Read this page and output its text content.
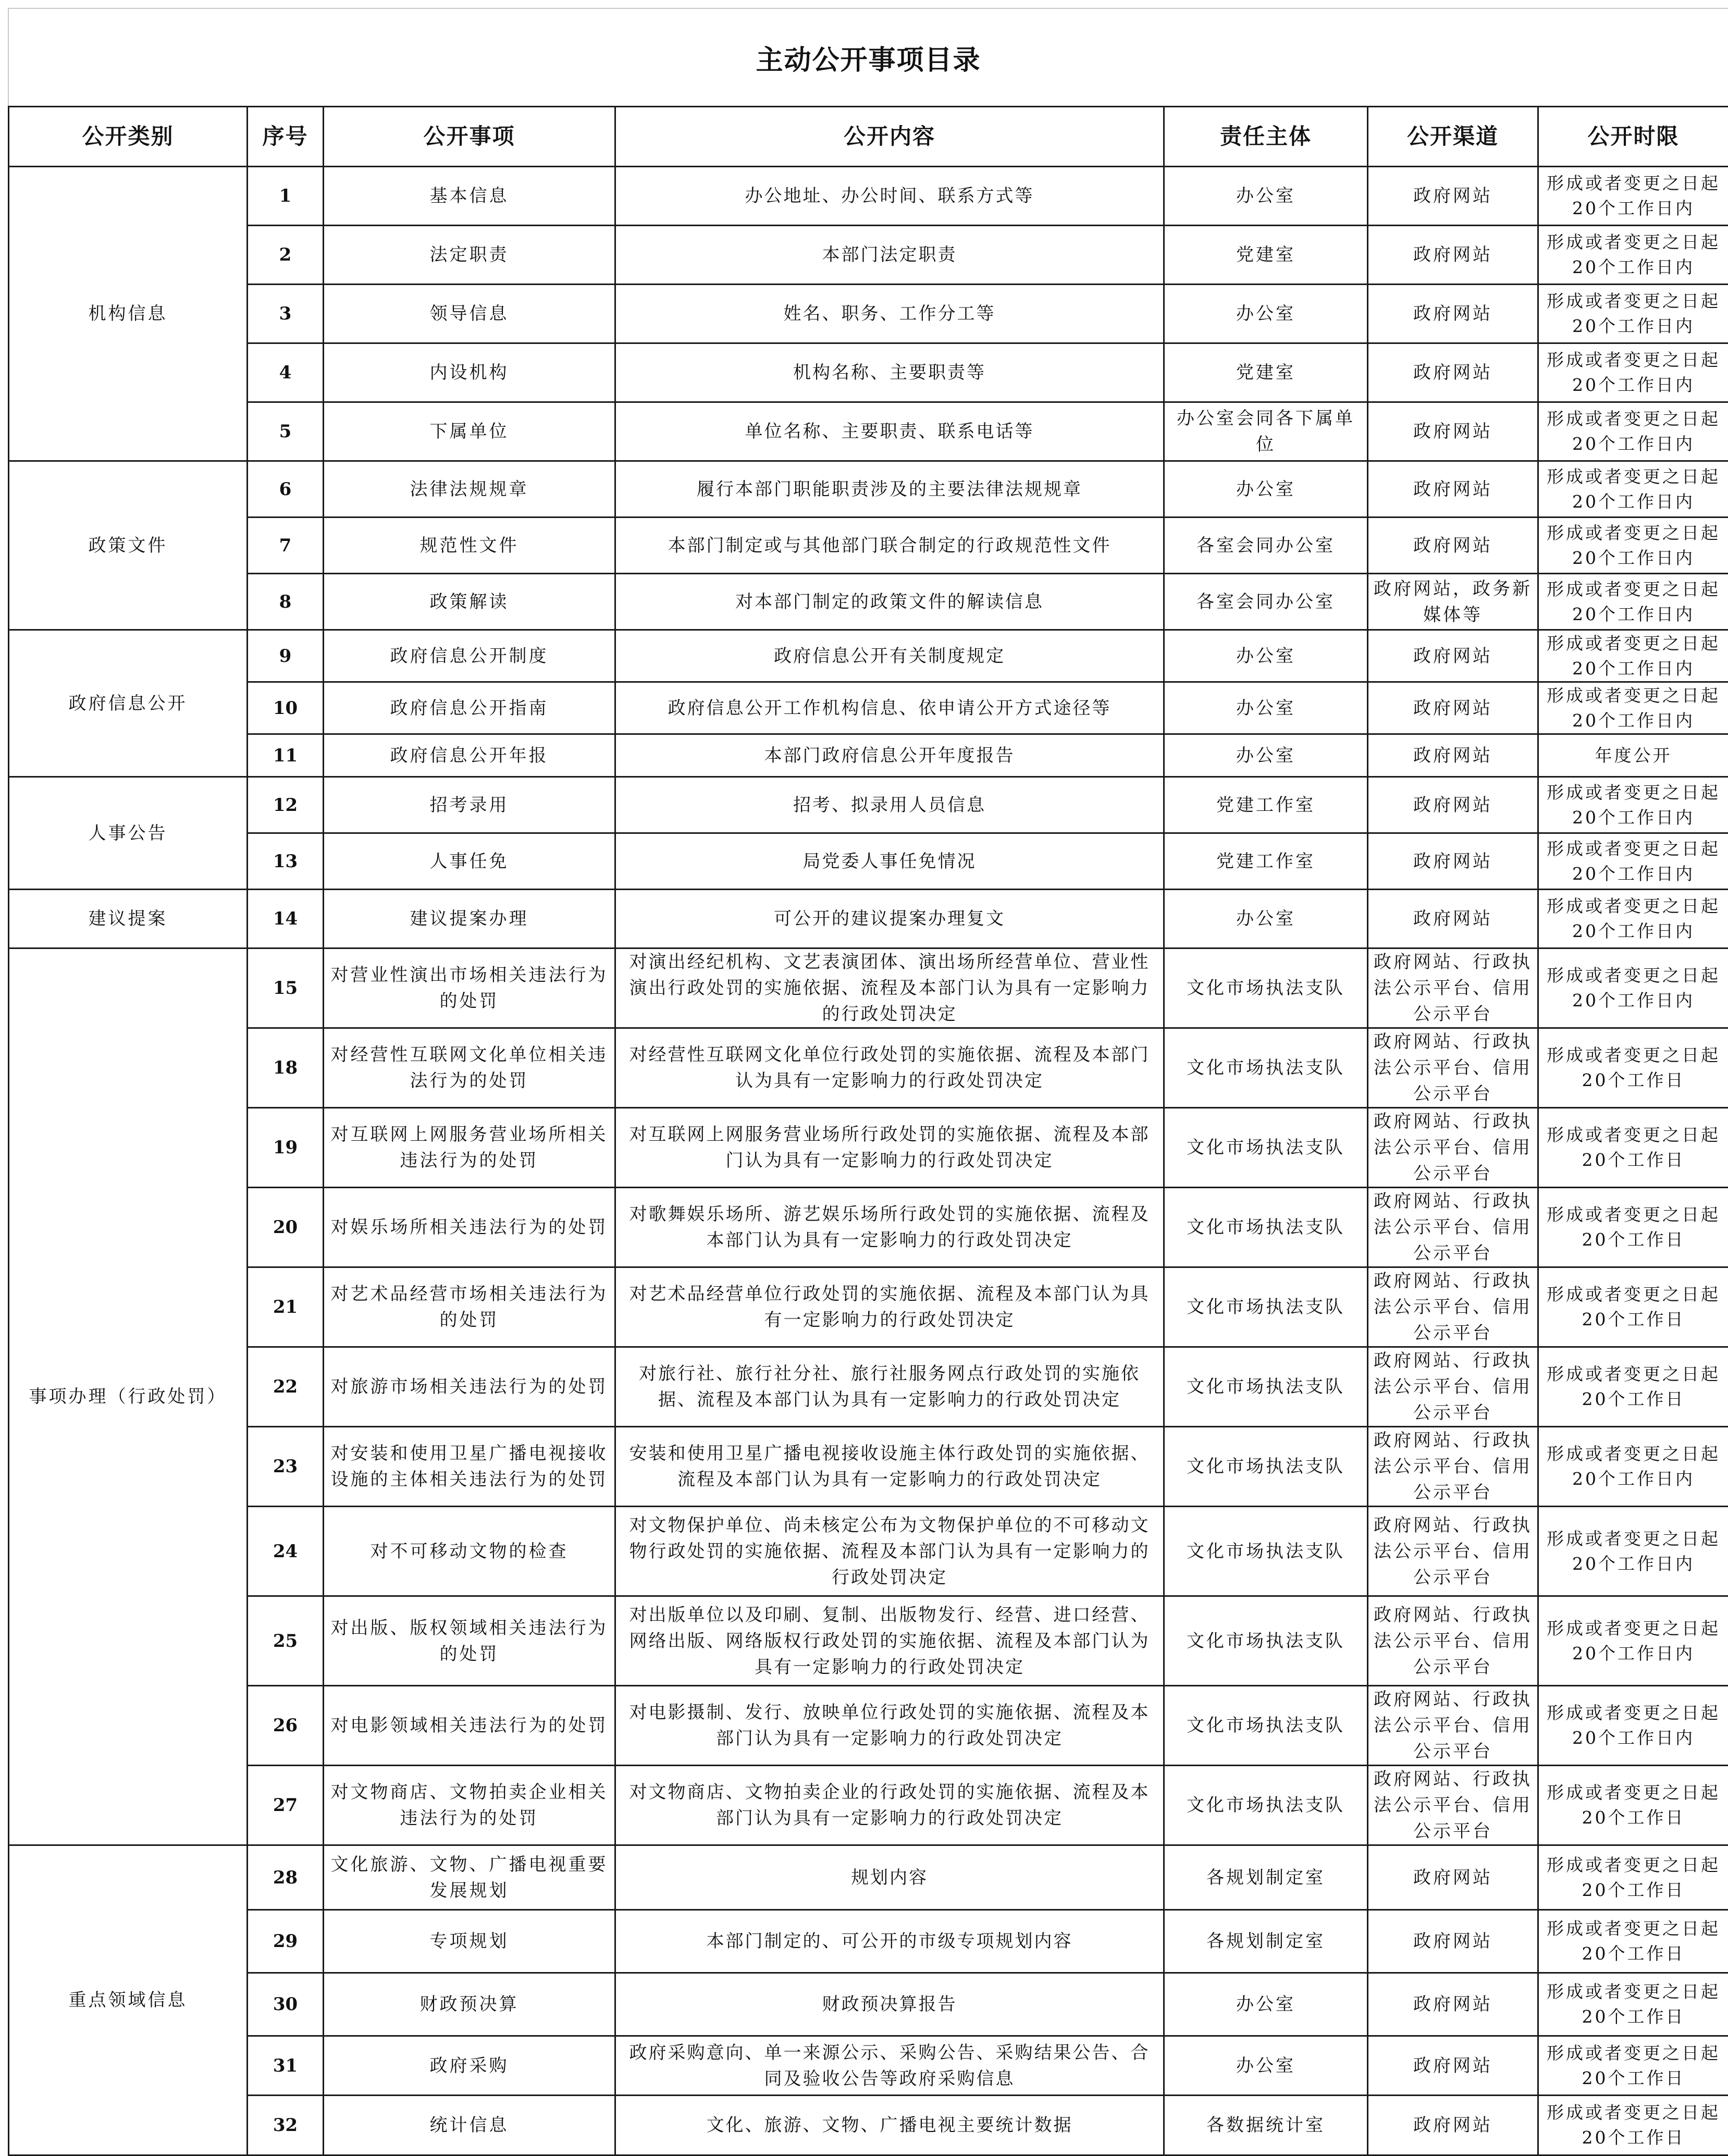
主动公开事项目录
公开类别	序号	公开事项	公开内容	责任主体	公开渠道	公开时限
机构信息	1	基本信息	办公地址、办公时间、联系方式等	办公室	政府网站	形成或者变更之日起20个工作日内
	2	法定职责	本部门法定职责	党建室	政府网站	形成或者变更之日起20个工作日内
	3	领导信息	姓名、职务、工作分工等	办公室	政府网站	形成或者变更之日起20个工作日内
	4	内设机构	机构名称、主要职责等	党建室	政府网站	形成或者变更之日起20个工作日内
	5	下属单位	单位名称、主要职责、联系电话等	办公室会同各下属单位	政府网站	形成或者变更之日起20个工作日内
政策文件	6	法律法规规章	履行本部门职能职责涉及的主要法律法规规章	办公室	政府网站	形成或者变更之日起20个工作日内
	7	规范性文件	本部门制定或与其他部门联合制定的行政规范性文件	各室会同办公室	政府网站	形成或者变更之日起20个工作日内
	8	政策解读	对本部门制定的政策文件的解读信息	各室会同办公室	政府网站，政务新媒体等	形成或者变更之日起20个工作日内
政府信息公开	9	政府信息公开制度	政府信息公开有关制度规定	办公室	政府网站	形成或者变更之日起20个工作日内
	10	政府信息公开指南	政府信息公开工作机构信息、依申请公开方式途径等	办公室	政府网站	形成或者变更之日起20个工作日内
	11	政府信息公开年报	本部门政府信息公开年度报告	办公室	政府网站	年度公开
人事公告	12	招考录用	招考、拟录用人员信息	党建工作室	政府网站	形成或者变更之日起20个工作日内
	13	人事任免	局党委人事任免情况	党建工作室	政府网站	形成或者变更之日起20个工作日内
建议提案	14	建议提案办理	可公开的建议提案办理复文	办公室	政府网站	形成或者变更之日起20个工作日内
事项办理（行政处罚）	15	对营业性演出市场相关违法行为的处罚	对演出经纪机构、文艺表演团体、演出场所经营单位、营业性演出行政处罚的实施依据、流程及本部门认为具有一定影响力的行政处罚决定	文化市场执法支队	政府网站、行政执法公示平台、信用公示平台	形成或者变更之日起20个工作日内
	18	对经营性互联网文化单位相关违法行为的处罚	对经营性互联网文化单位行政处罚的实施依据、流程及本部门认为具有一定影响力的行政处罚决定	文化市场执法支队	政府网站、行政执法公示平台、信用公示平台	形成或者变更之日起20个工作日
	19	对互联网上网服务营业场所相关违法行为的处罚	对互联网上网服务营业场所行政处罚的实施依据、流程及本部门认为具有一定影响力的行政处罚决定	文化市场执法支队	政府网站、行政执法公示平台、信用公示平台	形成或者变更之日起20个工作日
	20	对娱乐场所相关违法行为的处罚	对歌舞娱乐场所、游艺娱乐场所行政处罚的实施依据、流程及本部门认为具有一定影响力的行政处罚决定	文化市场执法支队	政府网站、行政执法公示平台、信用公示平台	形成或者变更之日起20个工作日
	21	对艺术品经营市场相关违法行为的处罚	对艺术品经营单位行政处罚的实施依据、流程及本部门认为具有一定影响力的行政处罚决定	文化市场执法支队	政府网站、行政执法公示平台、信用公示平台	形成或者变更之日起20个工作日
	22	对旅游市场相关违法行为的处罚	对旅行社、旅行社分社、旅行社服务网点行政处罚的实施依据、流程及本部门认为具有一定影响力的行政处罚决定	文化市场执法支队	政府网站、行政执法公示平台、信用公示平台	形成或者变更之日起20个工作日
	23	对安装和使用卫星广播电视接收设施的主体相关违法行为的处罚	安装和使用卫星广播电视接收设施主体行政处罚的实施依据、流程及本部门认为具有一定影响力的行政处罚决定	文化市场执法支队	政府网站、行政执法公示平台、信用公示平台	形成或者变更之日起20个工作日内
	24	对不可移动文物的检查	对文物保护单位、尚未核定公布为文物保护单位的不可移动文物行政处罚的实施依据、流程及本部门认为具有一定影响力的行政处罚决定	文化市场执法支队	政府网站、行政执法公示平台、信用公示平台	形成或者变更之日起20个工作日内
	25	对出版、版权领域相关违法行为的处罚	对出版单位以及印刷、复制、出版物发行、经营、进口经营、网络出版、网络版权行政处罚的实施依据、流程及本部门认为具有一定影响力的行政处罚决定	文化市场执法支队	政府网站、行政执法公示平台、信用公示平台	形成或者变更之日起20个工作日内
	26	对电影领域相关违法行为的处罚	对电影摄制、发行、放映单位行政处罚的实施依据、流程及本部门认为具有一定影响力的行政处罚决定	文化市场执法支队	政府网站、行政执法公示平台、信用公示平台	形成或者变更之日起20个工作日内
	27	对文物商店、文物拍卖企业相关违法行为的处罚	对文物商店、文物拍卖企业的行政处罚的实施依据、流程及本部门认为具有一定影响力的行政处罚决定	文化市场执法支队	政府网站、行政执法公示平台、信用公示平台	形成或者变更之日起20个工作日
重点领域信息	28	文化旅游、文物、广播电视重要发展规划	规划内容	各规划制定室	政府网站	形成或者变更之日起20个工作日
	29	专项规划	本部门制定的、可公开的市级专项规划内容	各规划制定室	政府网站	形成或者变更之日起20个工作日
	30	财政预决算	财政预决算报告	办公室	政府网站	形成或者变更之日起20个工作日
	31	政府采购	政府采购意向、单一来源公示、采购公告、采购结果公告、合同及验收公告等政府采购信息	办公室	政府网站	形成或者变更之日起20个工作日
	32	统计信息	文化、旅游、文物、广播电视主要统计数据	各数据统计室	政府网站	形成或者变更之日起20个工作日
